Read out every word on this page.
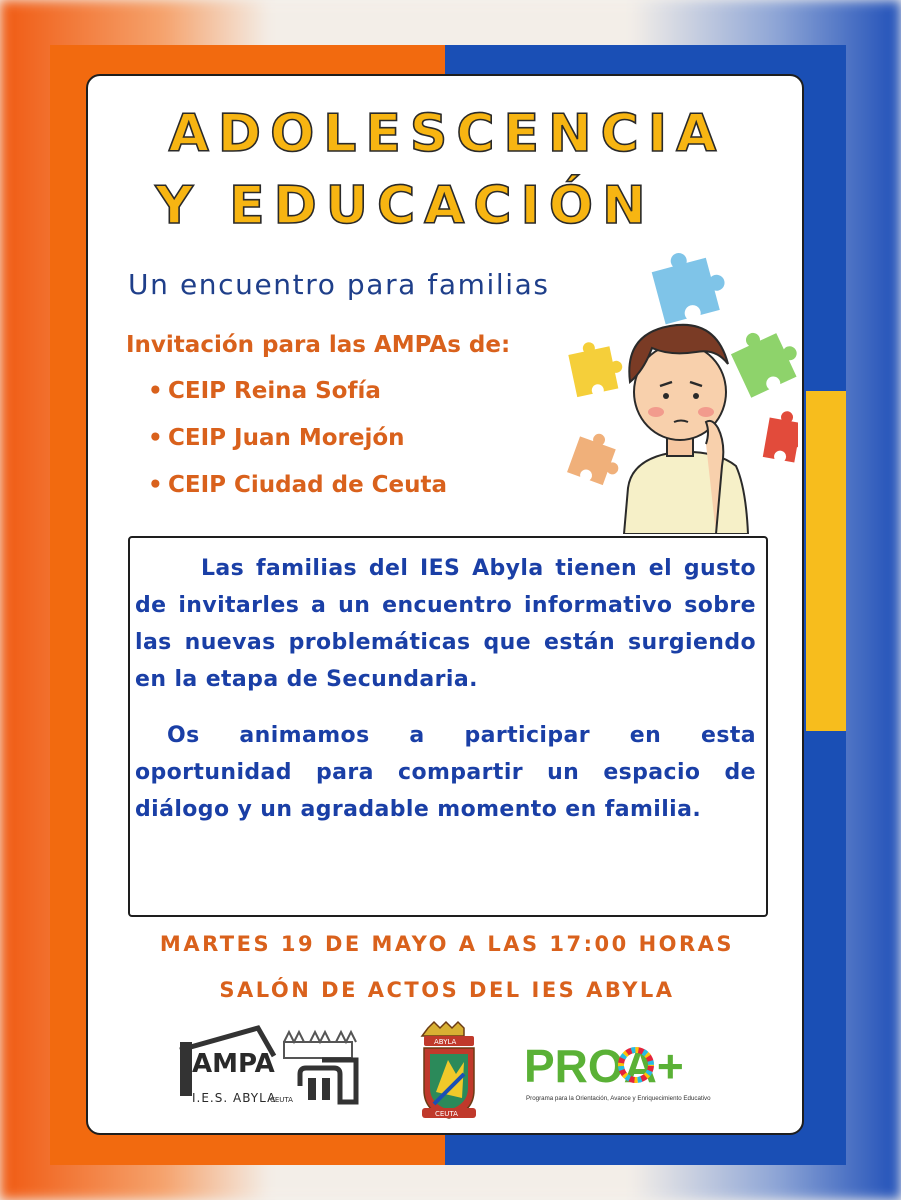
ADOLESCENCIA
Y EDUCACIÓN

Un encuentro para familias

Invitación para las AMPAs de:

• CEIP Reina Sofía
• CEIP Juan Morejón
• CEIP Ciudad de Ceuta

Las familias del IES Abyla tienen el gusto de invitarles a un encuentro informativo sobre las nuevas problemáticas que están surgiendo en la etapa de Secundaria.

Os animamos a participar en esta oportunidad para compartir un espacio de diálogo y un agradable momento en familia.

MARTES 19 DE MAYO A LAS 17:00 HORAS

SALÓN DE ACTOS DEL IES ABYLA

AMPA
I.E.S. ABYLA
CEUTA
ABYLA
CEUTA
PROA+
Programa para la Orientación, Avance y Enriquecimiento Educativo
